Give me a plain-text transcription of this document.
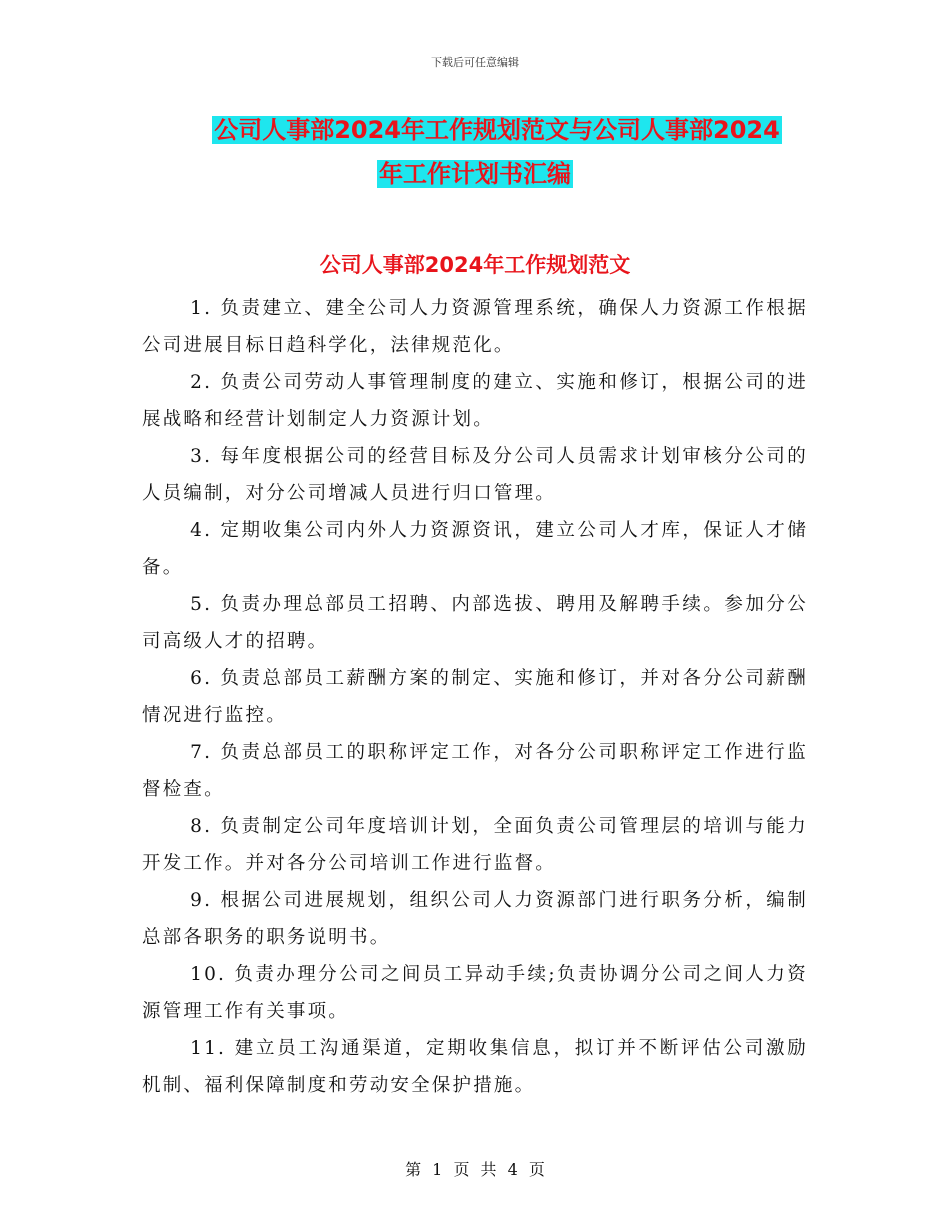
下载后可任意编辑
公司人事部2024年工作规划范文与公司人事部2024
年工作计划书汇编
公司人事部2024年工作规划范文

1. 负责建立、建全公司人力资源管理系统，确保人力资源工作根据公司进展目标日趋科学化，法律规范化。

2. 负责公司劳动人事管理制度的建立、实施和修订，根据公司的进展战略和经营计划制定人力资源计划。

3. 每年度根据公司的经营目标及分公司人员需求计划审核分公司的人员编制，对分公司增减人员进行归口管理。

4. 定期收集公司内外人力资源资讯，建立公司人才库，保证人才储备。

5. 负责办理总部员工招聘、内部选拔、聘用及解聘手续。参加分公司高级人才的招聘。

6. 负责总部员工薪酬方案的制定、实施和修订，并对各分公司薪酬情况进行监控。

7. 负责总部员工的职称评定工作，对各分公司职称评定工作进行监督检查。

8. 负责制定公司年度培训计划，全面负责公司管理层的培训与能力开发工作。并对各分公司培训工作进行监督。

9. 根据公司进展规划，组织公司人力资源部门进行职务分析，编制总部各职务的职务说明书。

10. 负责办理分公司之间员工异动手续;负责协调分公司之间人力资源管理工作有关事项。

11. 建立员工沟通渠道，定期收集信息，拟订并不断评估公司激励机制、福利保障制度和劳动安全保护措施。

第 1 页 共 4 页
